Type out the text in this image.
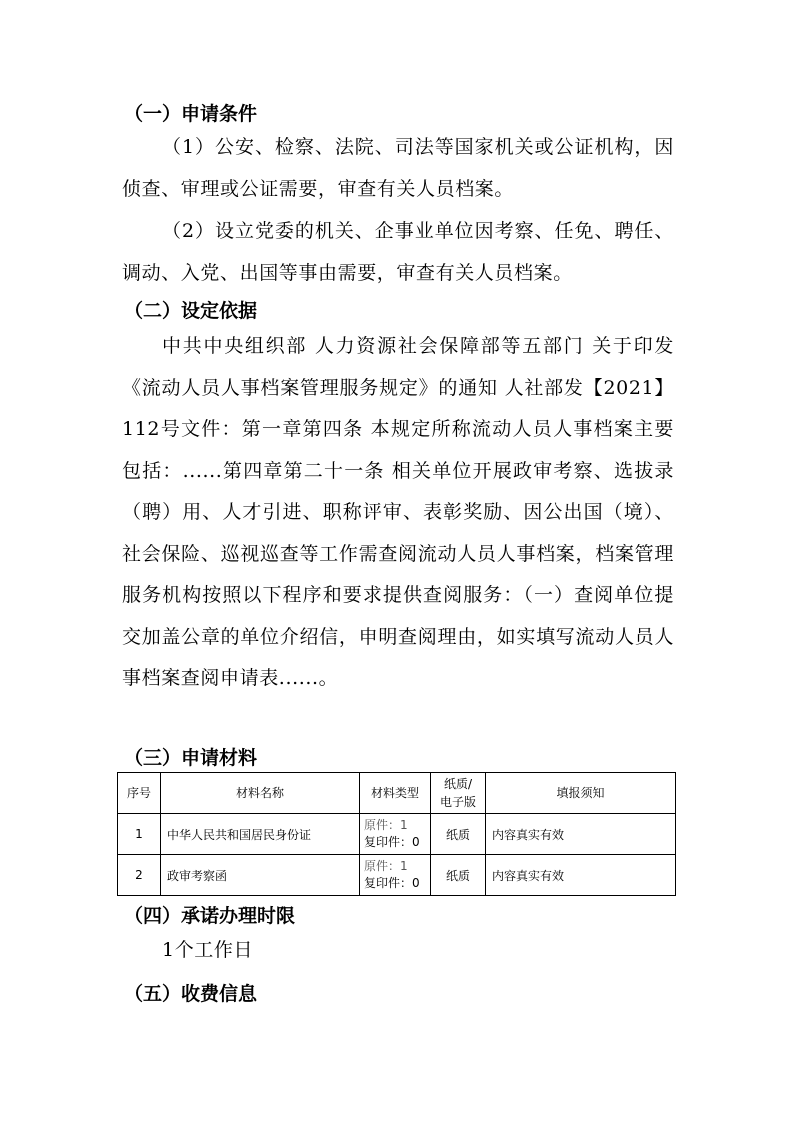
（一）申请条件

（1）公安、检察、法院、司法等国家机关或公证机构，因侦查、审理或公证需要，审查有关人员档案。

（2）设立党委的机关、企事业单位因考察、任免、聘任、调动、入党、出国等事由需要，审查有关人员档案。

（二）设定依据

中共中央组织部 人力资源社会保障部等五部门 关于印发《流动人员人事档案管理服务规定》的通知 人社部发【2021】112号文件：第一章第四条 本规定所称流动人员人事档案主要包括：......第四章第二十一条 相关单位开展政审考察、选拔录（聘）用、人才引进、职称评审、表彰奖励、因公出国（境）、社会保险、巡视巡查等工作需查阅流动人员人事档案，档案管理服务机构按照以下程序和要求提供查阅服务：（一）查阅单位提交加盖公章的单位介绍信，申明查阅理由，如实填写流动人员人事档案查阅申请表......。

（三）申请材料
序号	材料名称	材料类型	纸质/
电子版	填报须知
1	中华人民共和国居民身份证	原件：1
复印件：0	纸质	内容真实有效
2	政审考察函	原件：1
复印件：0	纸质	内容真实有效
（四）承诺办理时限

1个工作日

（五）收费信息
